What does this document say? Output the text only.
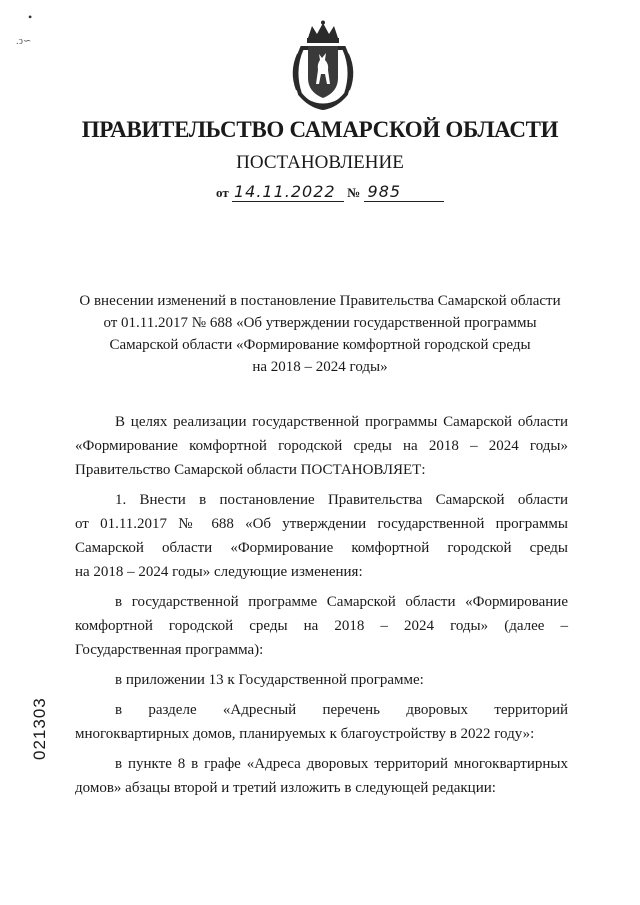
•
.ↄ∽
ПРАВИТЕЛЬСТВО САМАРСКОЙ ОБЛАСТИ
ПОСТАНОВЛЕНИЕ
от 14.11.2022 № 985
О внесении изменений в постановление Правительства Самарской области
от 01.11.2017 № 688 «Об утверждении государственной программы
Самарской области «Формирование комфортной городской среды
на 2018 – 2024 годы»

В целях реализации государственной программы Самарской области
«Формирование комфортной городской среды на 2018 – 2024 годы»
Правительство Самарской области ПОСТАНОВЛЯЕТ:

1. Внести в постановление Правительства Самарской области
от 01.11.2017 № 688 «Об утверждении государственной программы
Самарской области «Формирование комфортной городской среды
на 2018 – 2024 годы» следующие изменения:

в государственной программе Самарской области «Формирование
комфортной городской среды на 2018 – 2024 годы» (далее –
Государственная программа):

в приложении 13 к Государственной программе:

в разделе «Адресный перечень дворовых территорий
многоквартирных домов, планируемых к благоустройству в 2022 году»:

в пункте 8 в графе «Адреса дворовых территорий многоквартирных
домов» абзацы второй и третий изложить в следующей редакции:

021303
